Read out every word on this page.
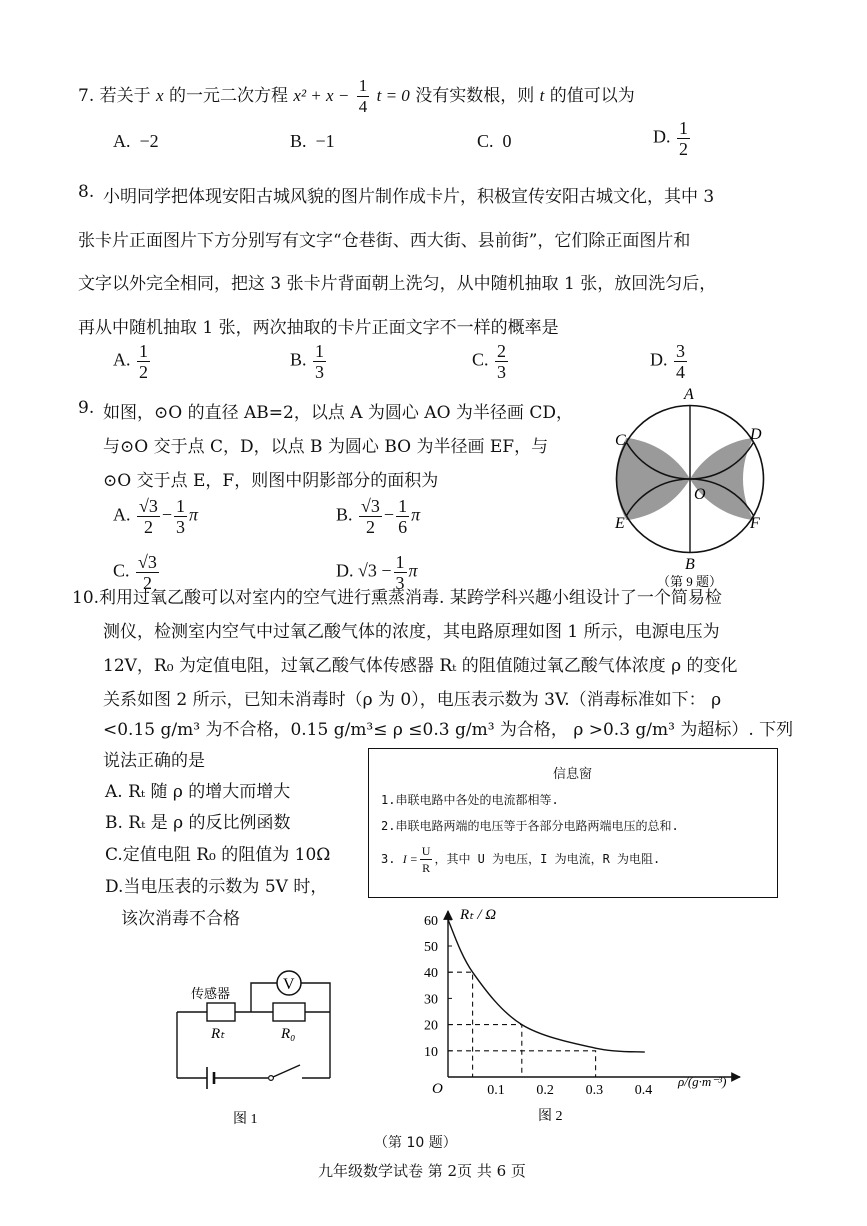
7. 若关于 x 的一元二次方程 $x^2 + x - \frac{1}{4}$ t = 0 没有实数根，则 t 的值可以为
A. −2	B. −1	C. 0	D. $\frac{1}{2}$
8. 小明同学把体现安阳古城风貌的图片制作成卡片，积极宣传安阳古城文化，其中 3
张卡片正面图片下方分别写有文字“仓巷街、西大街、县前街”，它们除正面图片和
文字以外完全相同，把这 3 张卡片背面朝上洗匀，从中随机抽取 1 张，放回洗匀后，
再从中随机抽取 1 张，两次抽取的卡片正面文字不一样的概率是
A. $\frac{1}{2}$	B. $\frac{1}{3}$	C. $\frac{2}{3}$	D. $\frac{3}{4}$
9. 如图，⊙O 的直径 AB=2，以点 A 为圆心 AO 为半径画 CD，
与⊙O 交于点 C，D，以点 B 为圆心 BO 为半径画 EF，与
⊙O 交于点 E，F，则图中阴影部分的面积为
A. $\frac{√3}{2} - \frac{1}{3}$ π	B. $\frac{√3}{2} - \frac{1}{6}$ π
C. $\frac{√3}{2}$	D. $√3 - \frac{1}{3}$ π
A
D
C
O
E	F
B
（第 9 题）
10.利用过氧乙酸可以对室内的空气进行熏蒸消毒. 某跨学科兴趣小组设计了一个简易检
测仪，检测室内空气中过氧乙酸气体的浓度，其电路原理如图 1 所示，电源电压为
12V，R₀ 为定值电阻，过氧乙酸气体传感器 Rₜ 的阻值随过氧乙酸气体浓度 ρ 的变化
关系如图 2 所示，已知未消毒时（ρ 为 0），电压表示数为 3V.（消毒标准如下： ρ
<0.15 g/m³ 为不合格，0.15 g/m³≤ ρ ≤0.3 g/m³ 为合格， ρ >0.3 g/m³ 为超标）. 下列
说法正确的是
A. Rₜ 随 ρ 的增大而增大
B. Rₜ 是 ρ 的反比例函数
C.定值电阻 R₀ 的阻值为 10Ω
D.当电压表的示数为 5V 时，
该次消毒不合格
信息窗
1.串联电路中各处的电流都相等.
2.串联电路两端的电压等于各部分电路两端电压的总和.
3. $I = \frac{U}{R}$ ，其中 U 为电压，I 为电流，R 为电阻.
V
传感器
Rₜ	R₀
图 1
10
20
30
40
50
60
0.1 0.2 0.3 0.4
Rₜ / Ω
ρ/(g·m⁻³)
O
图 2
（第 10 题）
九年级数学试卷 第 2页 共 6 页
